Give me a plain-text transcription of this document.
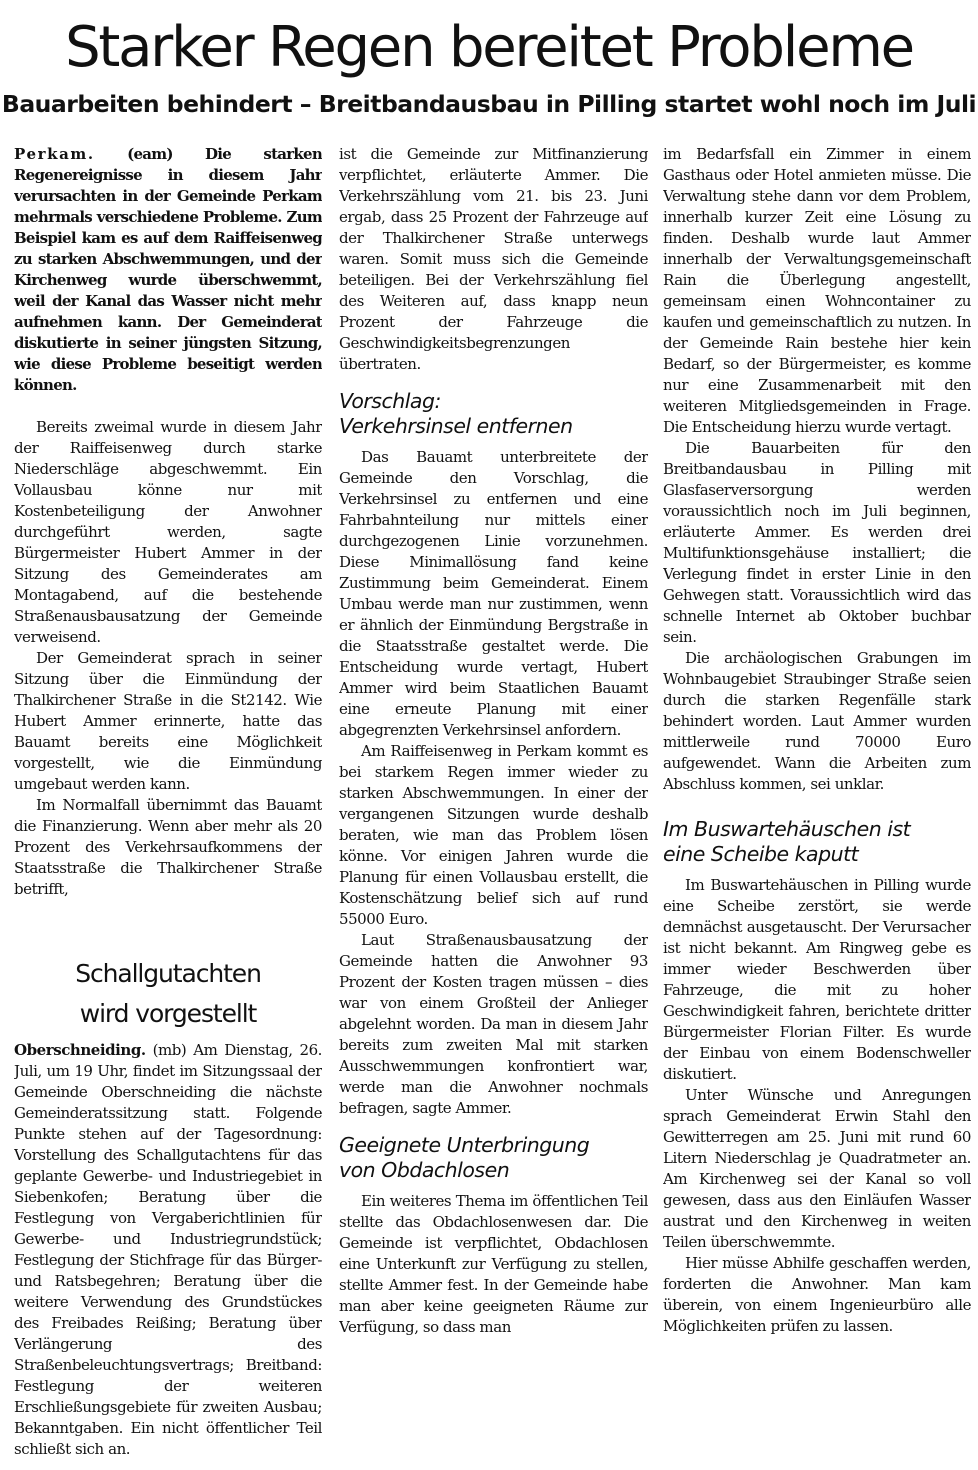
Starker Regen bereitet Probleme
Bauarbeiten behindert – Breitbandausbau in Pilling startet wohl noch im Juli

Perkam. (eam) Die starken Regenereignisse in diesem Jahr verursachten in der Gemeinde Perkam mehrmals verschiedene Probleme. Zum Beispiel kam es auf dem Raiffeisenweg zu starken Abschwemmungen, und der Kirchenweg wurde überschwemmt, weil der Kanal das Wasser nicht mehr aufnehmen kann. Der Gemeinderat diskutierte in seiner jüngsten Sitzung, wie diese Probleme beseitigt werden können.

Bereits zweimal wurde in diesem Jahr der Raiffeisenweg durch starke Niederschläge abgeschwemmt. Ein Vollausbau könne nur mit Kostenbeteiligung der Anwohner durchgeführt werden, sagte Bürgermeister Hubert Ammer in der Sitzung des Gemeinderates am Montagabend, auf die bestehende Straßenausbausatzung der Gemeinde verweisend.

Der Gemeinderat sprach in seiner Sitzung über die Einmündung der Thalkirchener Straße in die St2142. Wie Hubert Ammer erinnerte, hatte das Bauamt bereits eine Möglichkeit vorgestellt, wie die Einmündung umgebaut werden kann.

Im Normalfall übernimmt das Bauamt die Finanzierung. Wenn aber mehr als 20 Prozent des Verkehrsaufkommens der Staatsstraße die Thalkirchener Straße betrifft,

Schallgutachten
wird vorgestellt

Oberschneiding. (mb) Am Dienstag, 26. Juli, um 19 Uhr, findet im Sitzungssaal der Gemeinde Oberschneiding die nächste Gemeinderatssitzung statt. Folgende Punkte stehen auf der Tagesordnung: Vorstellung des Schallgutachtens für das geplante Gewerbe- und Industriegebiet in Siebenkofen; Beratung über die Festlegung von Vergaberichtlinien für Gewerbe- und Industriegrundstück; Festlegung der Stichfrage für das Bürger- und Ratsbegehren; Beratung über die weitere Verwendung des Grundstückes des Freibades Reißing; Beratung über Verlängerung des Straßenbeleuchtungsvertrags; Breitband: Festlegung der weiteren Erschließungsgebiete für zweiten Ausbau; Bekanntgaben. Ein nicht öffentlicher Teil schließt sich an.

ist die Gemeinde zur Mitfinanzierung verpflichtet, erläuterte Ammer. Die Verkehrszählung vom 21. bis 23. Juni ergab, dass 25 Prozent der Fahrzeuge auf der Thalkirchener Straße unterwegs waren. Somit muss sich die Gemeinde beteiligen. Bei der Verkehrszählung fiel des Weiteren auf, dass knapp neun Prozent der Fahrzeuge die Geschwindigkeitsbegrenzungen übertraten.

Vorschlag:
Verkehrsinsel entfernen

Das Bauamt unterbreitete der Gemeinde den Vorschlag, die Verkehrsinsel zu entfernen und eine Fahrbahnteilung nur mittels einer durchgezogenen Linie vorzunehmen. Diese Minimallösung fand keine Zustimmung beim Gemeinderat. Einem Umbau werde man nur zustimmen, wenn er ähnlich der Einmündung Bergstraße in die Staatsstraße gestaltet werde. Die Entscheidung wurde vertagt, Hubert Ammer wird beim Staatlichen Bauamt eine erneute Planung mit einer abgegrenzten Verkehrsinsel anfordern.

Am Raiffeisenweg in Perkam kommt es bei starkem Regen immer wieder zu starken Abschwemmungen. In einer der vergangenen Sitzungen wurde deshalb beraten, wie man das Problem lösen könne. Vor einigen Jahren wurde die Planung für einen Vollausbau erstellt, die Kostenschätzung belief sich auf rund 55000 Euro.

Laut Straßenausbausatzung der Gemeinde hatten die Anwohner 93 Prozent der Kosten tragen müssen – dies war von einem Großteil der Anlieger abgelehnt worden. Da man in diesem Jahr bereits zum zweiten Mal mit starken Ausschwemmungen konfrontiert war, werde man die Anwohner nochmals befragen, sagte Ammer.

Geeignete Unterbringung
von Obdachlosen

Ein weiteres Thema im öffentlichen Teil stellte das Obdachlosenwesen dar. Die Gemeinde ist verpflichtet, Obdachlosen eine Unterkunft zur Verfügung zu stellen, stellte Ammer fest. In der Gemeinde habe man aber keine geeigneten Räume zur Verfügung, so dass man

im Bedarfsfall ein Zimmer in einem Gasthaus oder Hotel anmieten müsse. Die Verwaltung stehe dann vor dem Problem, innerhalb kurzer Zeit eine Lösung zu finden. Deshalb wurde laut Ammer innerhalb der Verwaltungsgemeinschaft Rain die Überlegung angestellt, gemeinsam einen Wohncontainer zu kaufen und gemeinschaftlich zu nutzen. In der Gemeinde Rain bestehe hier kein Bedarf, so der Bürgermeister, es komme nur eine Zusammenarbeit mit den weiteren Mitgliedsgemeinden in Frage. Die Entscheidung hierzu wurde vertagt.

Die Bauarbeiten für den Breitbandausbau in Pilling mit Glasfaserversorgung werden voraussichtlich noch im Juli beginnen, erläuterte Ammer. Es werden drei Multifunktionsgehäuse installiert; die Verlegung findet in erster Linie in den Gehwegen statt. Voraussichtlich wird das schnelle Internet ab Oktober buchbar sein.

Die archäologischen Grabungen im Wohnbaugebiet Straubinger Straße seien durch die starken Regenfälle stark behindert worden. Laut Ammer wurden mittlerweile rund 70000 Euro aufgewendet. Wann die Arbeiten zum Abschluss kommen, sei unklar.

Im Buswartehäuschen ist
eine Scheibe kaputt

Im Buswartehäuschen in Pilling wurde eine Scheibe zerstört, sie werde demnächst ausgetauscht. Der Verursacher ist nicht bekannt. Am Ringweg gebe es immer wieder Beschwerden über Fahrzeuge, die mit zu hoher Geschwindigkeit fahren, berichtete dritter Bürgermeister Florian Filter. Es wurde der Einbau von einem Bodenschweller diskutiert.

Unter Wünsche und Anregungen sprach Gemeinderat Erwin Stahl den Gewitterregen am 25. Juni mit rund 60 Litern Niederschlag je Quadratmeter an. Am Kirchenweg sei der Kanal so voll gewesen, dass aus den Einläufen Wasser austrat und den Kirchenweg in weiten Teilen überschwemmte.

Hier müsse Abhilfe geschaffen werden, forderten die Anwohner. Man kam überein, von einem Ingenieurbüro alle Möglichkeiten prüfen zu lassen.
